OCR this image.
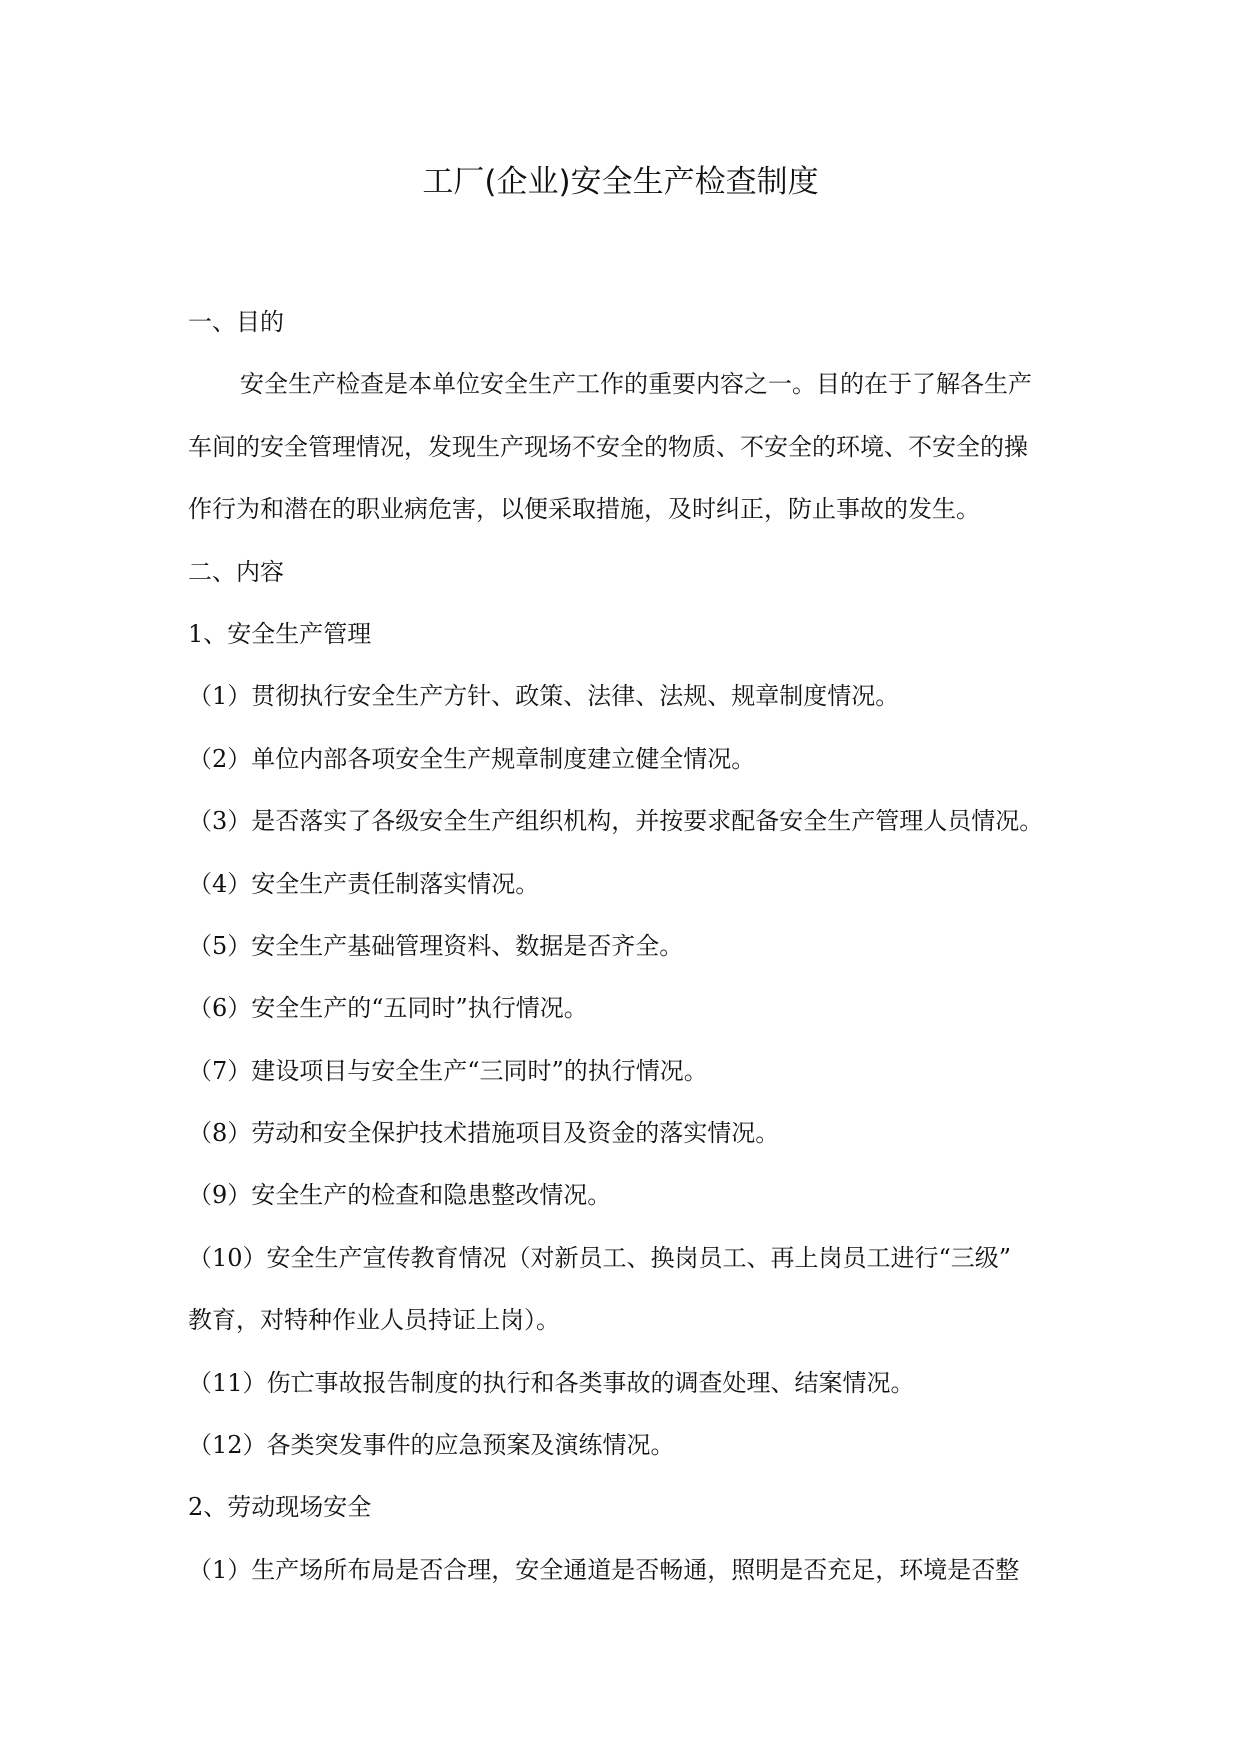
工厂(企业)安全生产检查制度

一、目的

安全生产检查是本单位安全生产工作的重要内容之一。目的在于了解各生产

车间的安全管理情况，发现生产现场不安全的物质、不安全的环境、不安全的操

作行为和潜在的职业病危害，以便采取措施，及时纠正，防止事故的发生。

二、内容

1、安全生产管理

（1）贯彻执行安全生产方针、政策、法律、法规、规章制度情况。

（2）单位内部各项安全生产规章制度建立健全情况。

（3）是否落实了各级安全生产组织机构，并按要求配备安全生产管理人员情况。

（4）安全生产责任制落实情况。

（5）安全生产基础管理资料、数据是否齐全。

（6）安全生产的“五同时”执行情况。

（7）建设项目与安全生产“三同时”的执行情况。

（8）劳动和安全保护技术措施项目及资金的落实情况。

（9）安全生产的检查和隐患整改情况。

（10）安全生产宣传教育情况（对新员工、换岗员工、再上岗员工进行“三级”

教育，对特种作业人员持证上岗）。

（11）伤亡事故报告制度的执行和各类事故的调查处理、结案情况。

（12）各类突发事件的应急预案及演练情况。

2、劳动现场安全

（1）生产场所布局是否合理，安全通道是否畅通，照明是否充足，环境是否整
